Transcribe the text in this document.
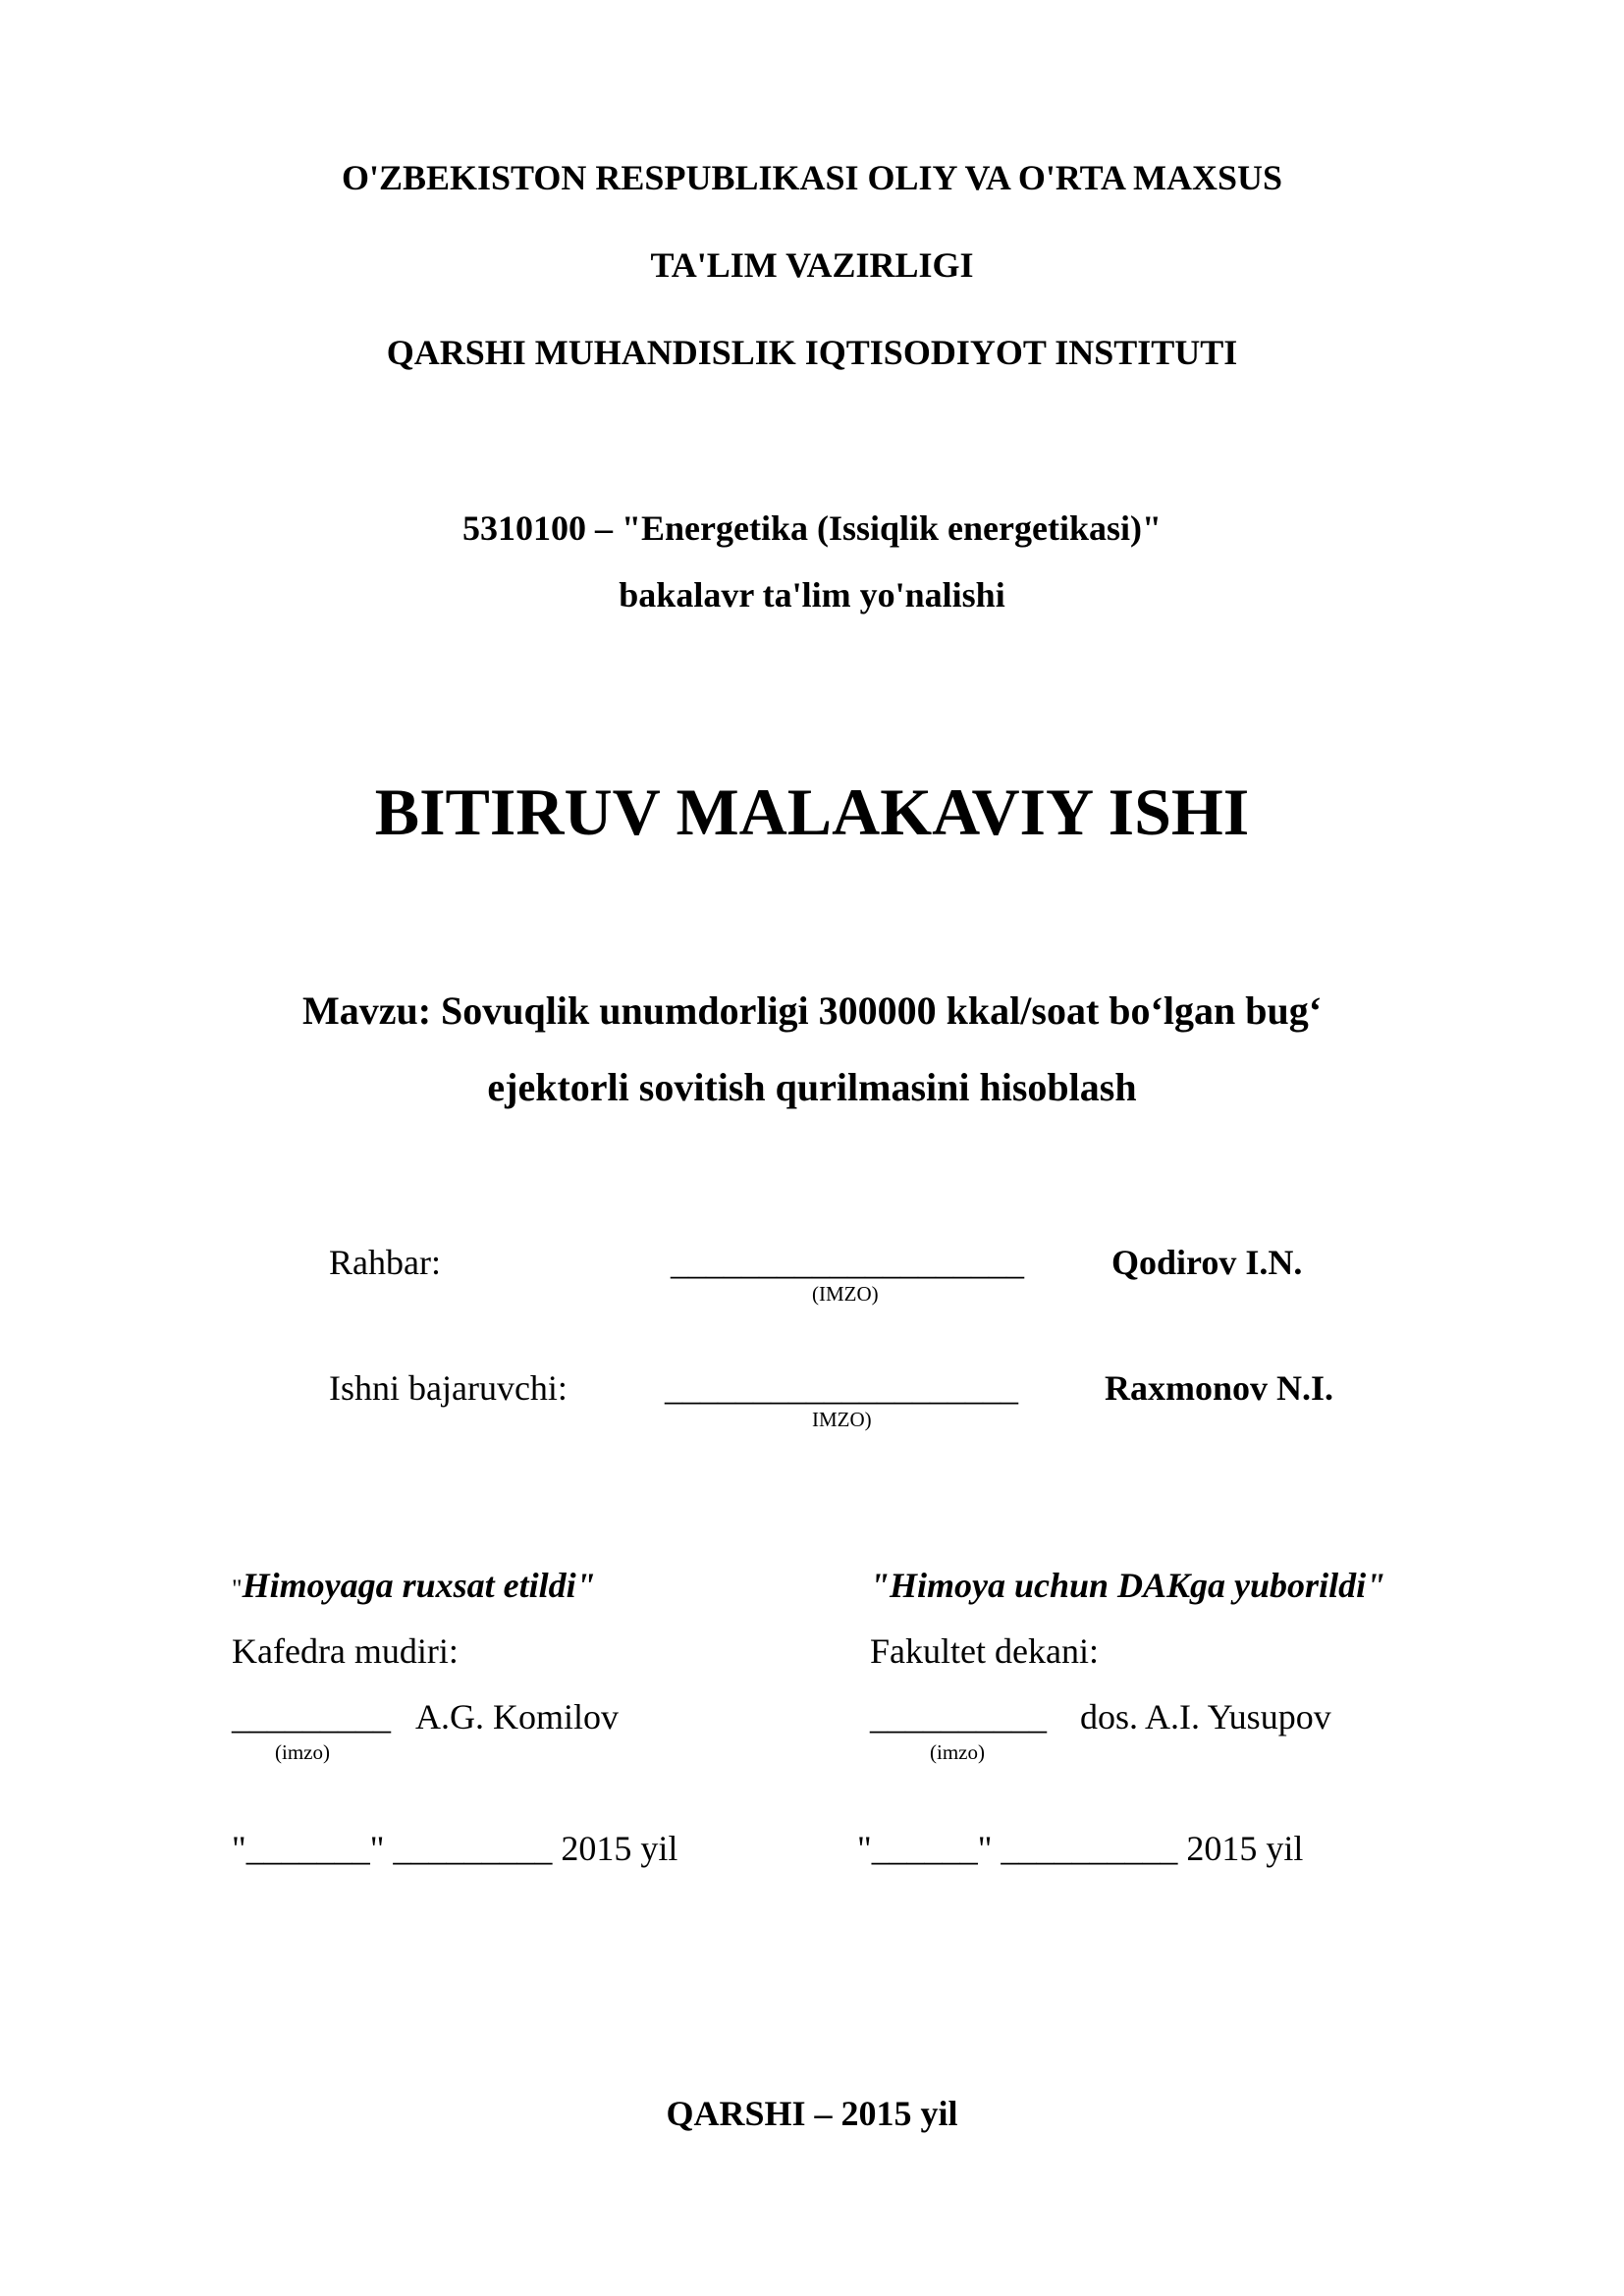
O'ZBEKISTON RESPUBLIKASI OLIY VA O'RTA MAXSUS
TA'LIM VAZIRLIGI
QARSHI MUHANDISLIK IQTISODIYOT INSTITUTI
5310100 – "Energetika (Issiqlik energetikasi)"
bakalavr ta'lim yo'nalishi
BITIRUV MALAKAVIY ISHI
Mavzu: Sovuqlik unumdorligi 300000 kkal/soat bo‘lgan bug‘
ejektorli sovitish qurilmasini hisoblash
Rahbar:	____________________
(IMZO)
Qodirov I.N.
Ishni bajaruvchi:	____________________
IMZO)
Raxmonov N.I.
"Himoyaga ruxsat etildi"
Kafedra mudiri:
_________ A.G. Komilov
(imzo)
"_______" _________ 2015 yil
"Himoya uchun DAKga yuborildi"
Fakultet dekani:
__________ dos. A.I. Yusupov
(imzo)
"______" __________ 2015 yil
QARSHI – 2015 yil
